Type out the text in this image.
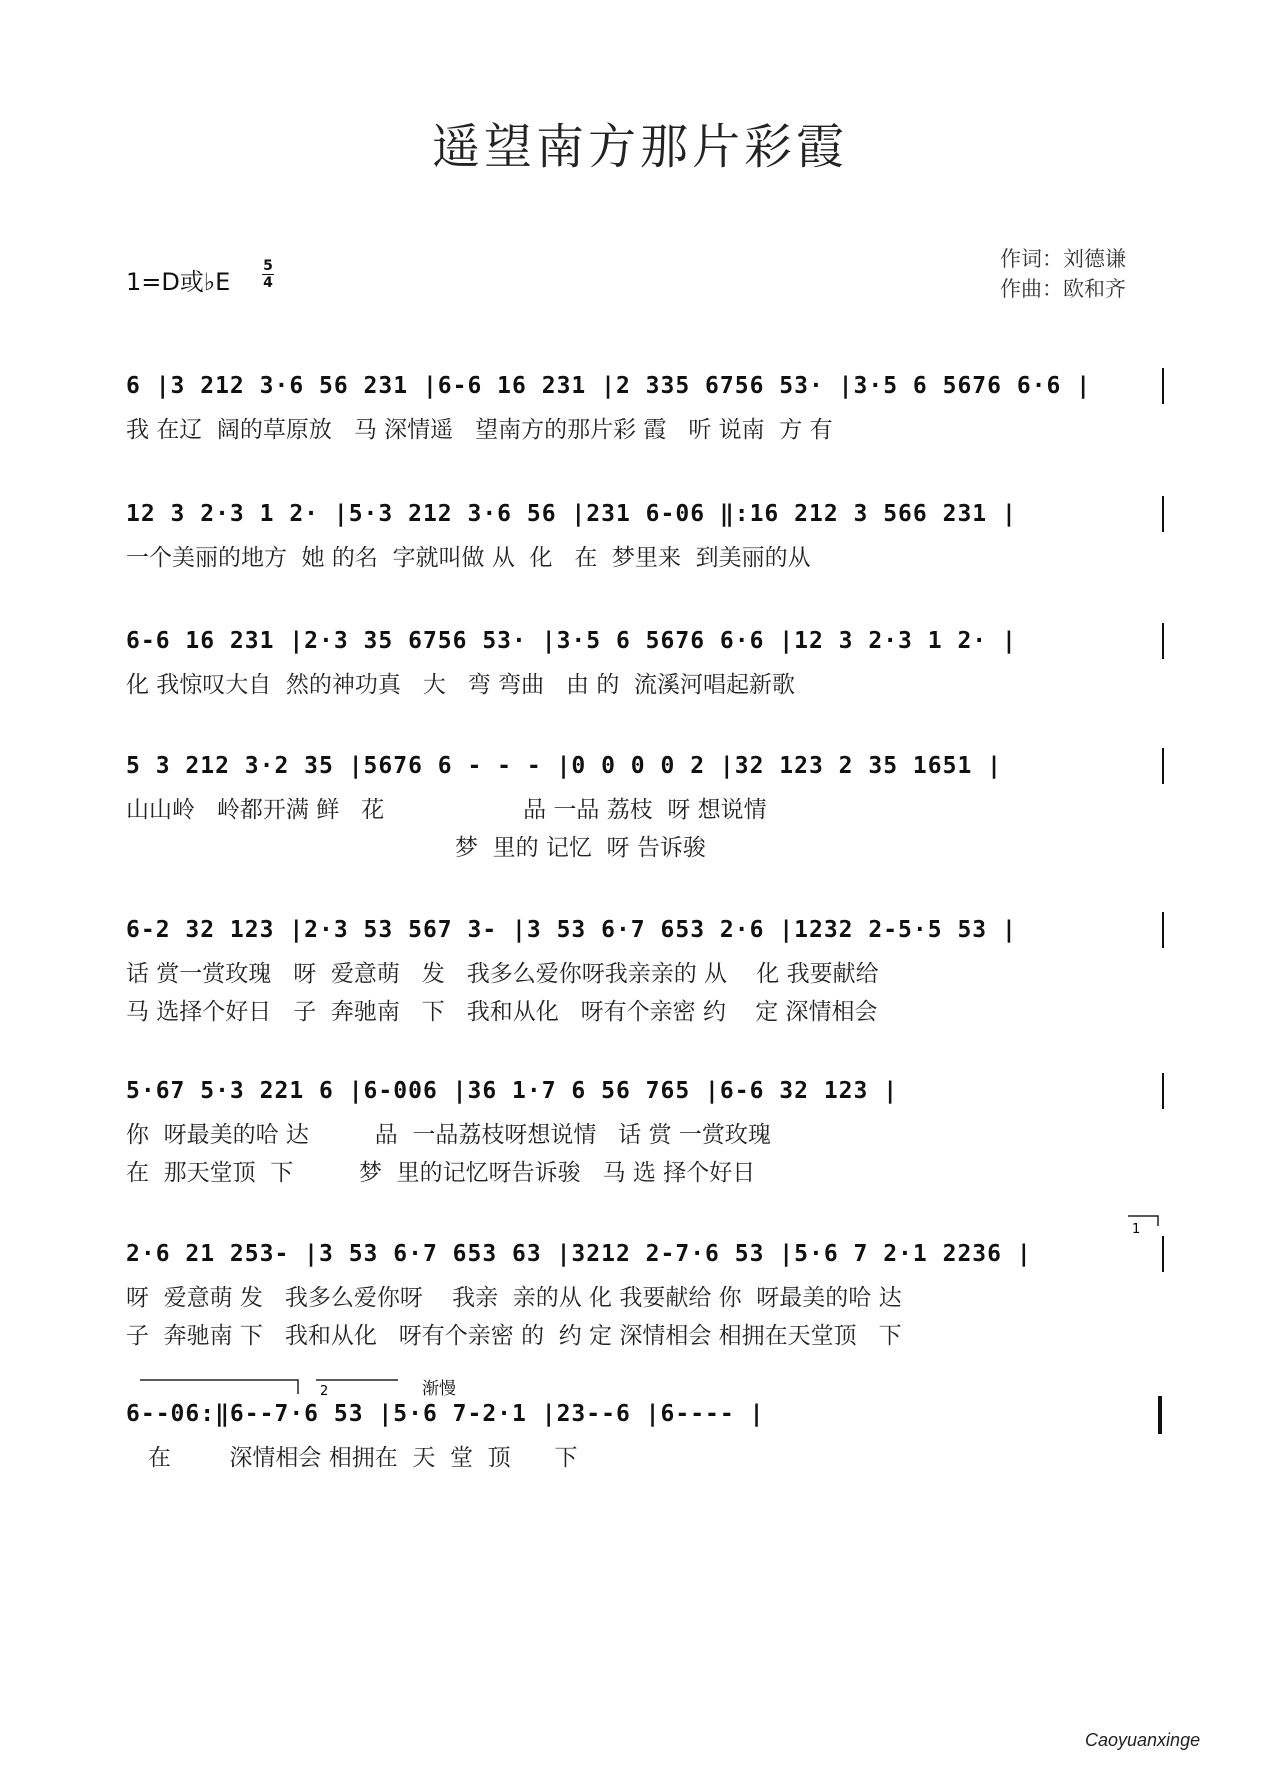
遥望南方那片彩霞
1=D或♭E
5
4
作词：刘德谦
作曲：欧和齐
6 |3 212 3·6 56 231 |6-6 16 231 |2 335 6756 53· |3·5 6 5676 6·6 |
我 在辽  阔的草原放   马 深情遥   望南方的那片彩 霞   听 说南  方 有
12 3 2·3 1 2· |5·3 212 3·6 56 |231 6-06 ‖:16 212 3 566 231 |
一个美丽的地方  她 的名  字就叫做 从  化   在  梦里来  到美丽的从
6-6 16 231 |2·3 35 6756 53· |3·5 6 5676 6·6 |12 3 2·3 1 2· |
化 我惊叹大自  然的神功真   大   弯 弯曲   由 的  流溪河唱起新歌
5 3 212 3·2 35 |5676 6 - - - |0 0 0 0 2 |32 123 2 35 1651 |
山山岭   岭都开满 鲜   花                   品 一品 荔枝  呀 想说情
梦  里的 记忆  呀 告诉骏
6-2 32 123 |2·3 53 567 3- |3 53 6·7 653 2·6 |1232 2-5·5 53 |
话 赏一赏玫瑰   呀  爱意萌   发   我多么爱你呀我亲亲的 从    化 我要献给
马 选择个好日   子  奔驰南   下   我和从化   呀有个亲密 约    定 深情相会
5·67 5·3 221 6 |6-006 |36 1·7 6 56 765 |6-6 32 123 |
你  呀最美的哈 达         品  一品荔枝呀想说情   话 赏 一赏玫瑰
在  那天堂顶  下         梦  里的记忆呀告诉骏   马 选 择个好日
2·6 21 253- |3 53 6·7 653 63 |3212 2-7·6 53 |5·6 7 2·1 2236 |
呀  爱意萌 发   我多么爱你呀    我亲  亲的从 化 我要献给 你  呀最美的哈 达
子  奔驰南 下   我和从化   呀有个亲密 的  约 定 深情相会 相拥在天堂顶   下
6--06:‖6--7·6 53 |5·6 7-2·1 |23--6 |6---- |
在        深情相会 相拥在  天  堂  顶      下
渐慢
1
2
Caoyuanxinge
